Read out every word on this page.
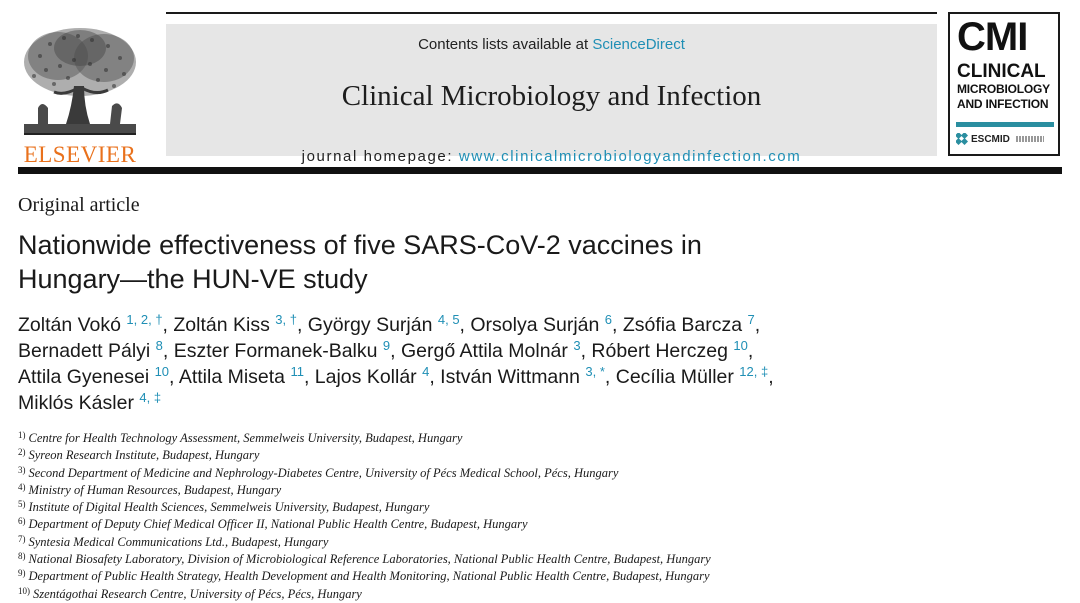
ELSEVIER
Contents lists available at ScienceDirect
Clinical Microbiology and Infection
journal homepage: www.clinicalmicrobiologyandinfection.com
CMI
CLINICAL
MICROBIOLOGY
AND INFECTION
ESCMID
Original article
Nationwide effectiveness of five SARS-CoV-2 vaccines in
Hungary—the HUN-VE study
Zoltán Vokó $^{1, 2, \dagger}$, Zoltán Kiss $^{3, \dagger}$, György Surján $^{4, 5}$, Orsolya Surján $^6$, Zsófia Barcza $^7$,
Bernadett Pályi $^8$, Eszter Formanek-Balku $^9$, Gergő Attila Molnár $^3$, Róbert Herczeg $^{10}$,
Attila Gyenesei $^{10}$, Attila Miseta $^{11}$, Lajos Kollár $^4$, István Wittmann $^{3, *}$, Cecília Müller $^{12, \ddagger}$,
Miklós Kásler $^{4, \ddagger}$
$^{1)}$ Centre for Health Technology Assessment, Semmelweis University, Budapest, Hungary
$^{2)}$ Syreon Research Institute, Budapest, Hungary
$^{3)}$ Second Department of Medicine and Nephrology-Diabetes Centre, University of Pécs Medical School, Pécs, Hungary
$^{4)}$ Ministry of Human Resources, Budapest, Hungary
$^{5)}$ Institute of Digital Health Sciences, Semmelweis University, Budapest, Hungary
$^{6)}$ Department of Deputy Chief Medical Officer II, National Public Health Centre, Budapest, Hungary
$^{7)}$ Syntesia Medical Communications Ltd., Budapest, Hungary
$^{8)}$ National Biosafety Laboratory, Division of Microbiological Reference Laboratories, National Public Health Centre, Budapest, Hungary
$^{9)}$ Department of Public Health Strategy, Health Development and Health Monitoring, National Public Health Centre, Budapest, Hungary
$^{10)}$ Szentágothai Research Centre, University of Pécs, Pécs, Hungary
